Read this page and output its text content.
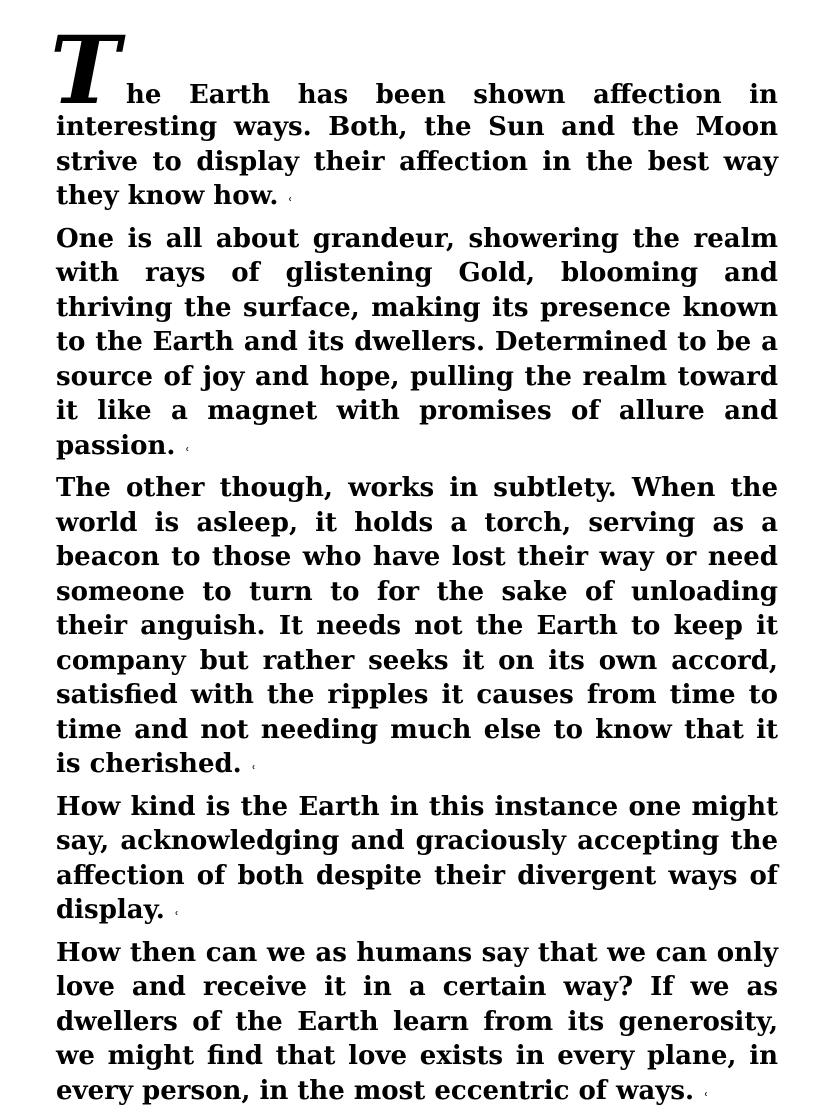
T he Earth has been shown affection in

interesting ways. Both, the Sun and the Moon strive to display their affection in the best way they know how. ʿ

One is all about grandeur, showering the realm with rays of glistening Gold, blooming and thriving the surface, making its presence known to the Earth and its dwellers. Determined to be a source of joy and hope, pulling the realm toward it like a magnet with promises of allure and passion. ʿ

The other though, works in subtlety. When the world is asleep, it holds a torch, serving as a beacon to those who have lost their way or need someone to turn to for the sake of unloading their anguish. It needs not the Earth to keep it company but rather seeks it on its own accord, satisfied with the ripples it causes from time to time and not needing much else to know that it is cherished. ʿ

How kind is the Earth in this instance one might say, acknowledging and graciously accepting the affection of both despite their divergent ways of display. ʿ

How then can we as humans say that we can only love and receive it in a certain way? If we as dwellers of the Earth learn from its generosity, we might find that love exists in every plane, in every person, in the most eccentric of ways. ʿ
